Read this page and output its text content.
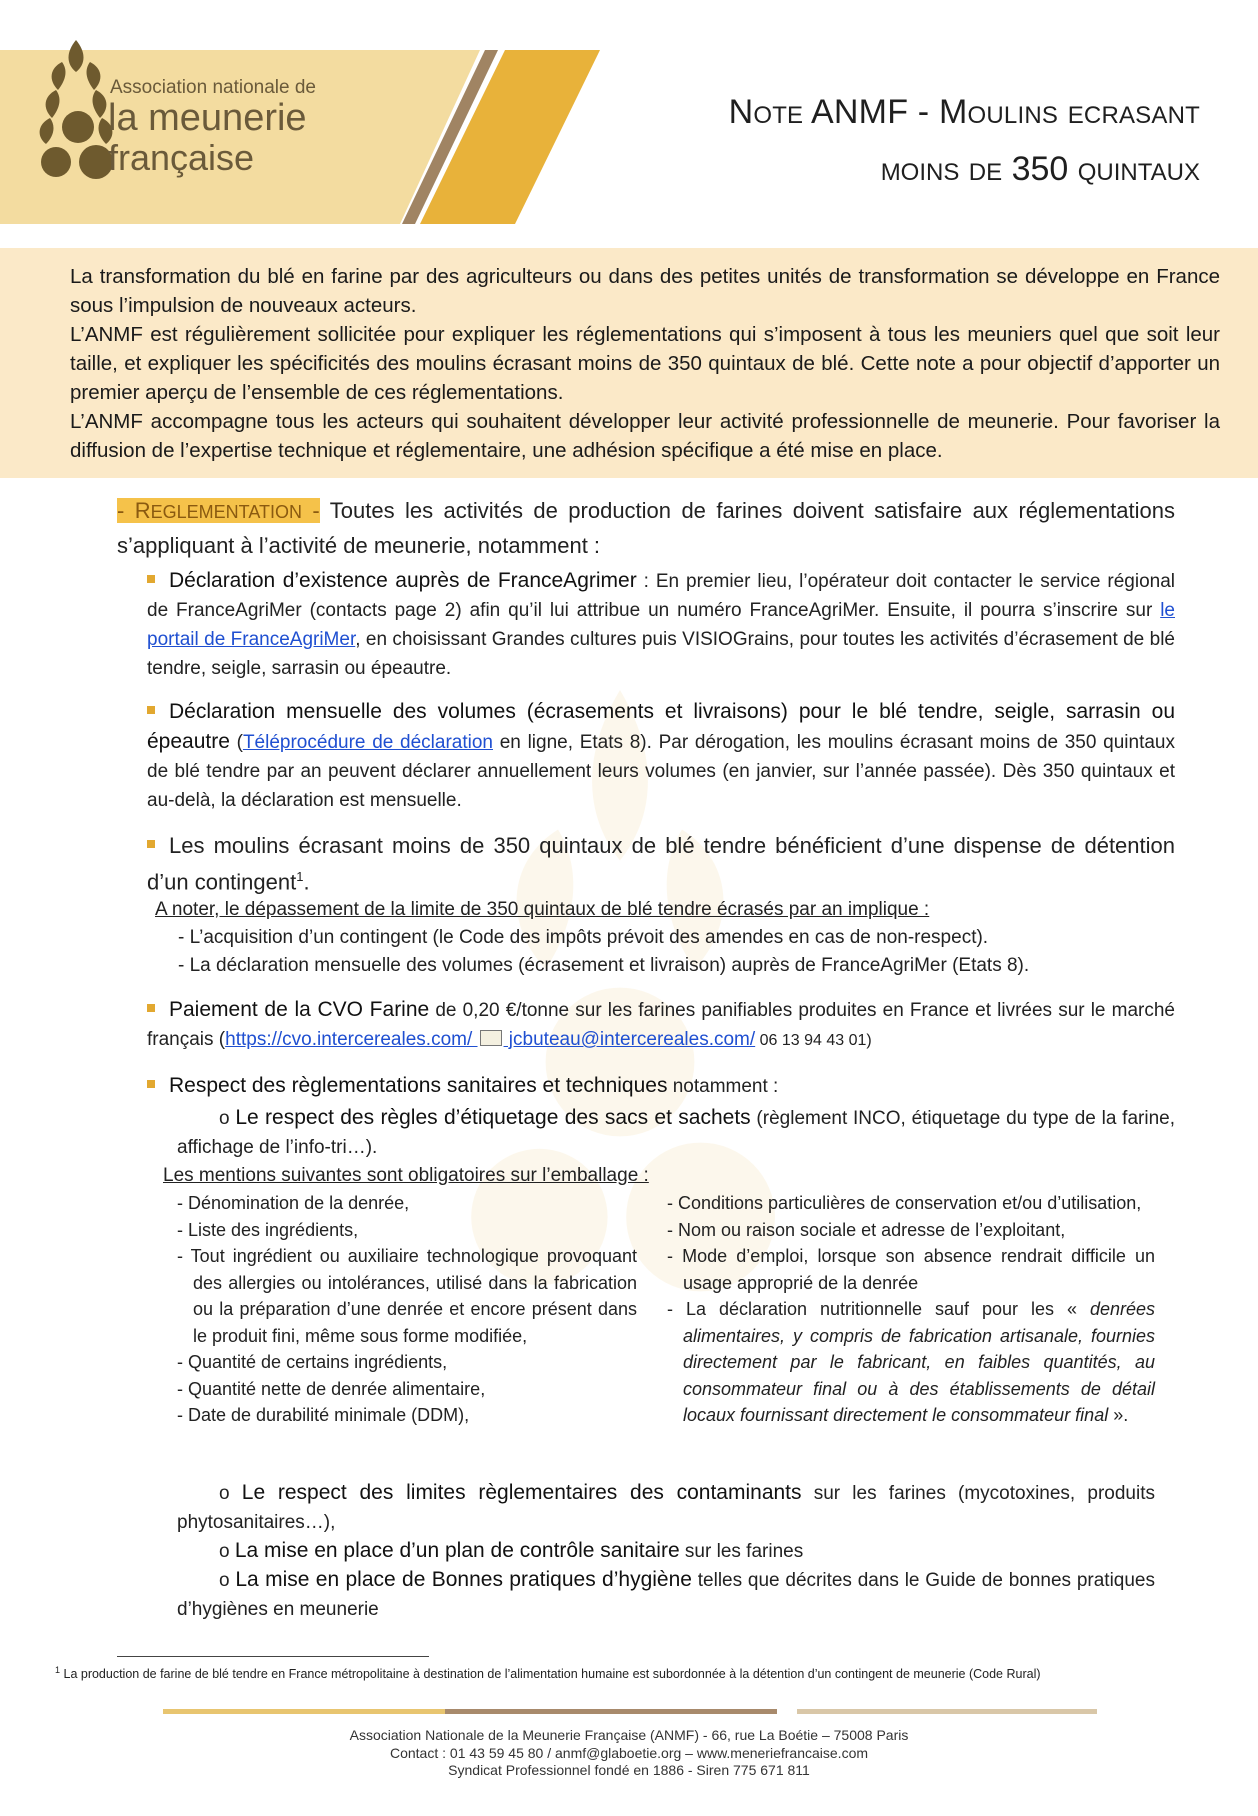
Association nationale de
la meunerie
française
Note ANMF - Moulins ecrasant
moins de 350 quintaux

La transformation du blé en farine par des agriculteurs ou dans des petites unités de transformation se développe en France sous l’impulsion de nouveaux acteurs.

L’ANMF est régulièrement sollicitée pour expliquer les réglementations qui s’imposent à tous les meuniers quel que soit leur taille, et expliquer les spécificités des moulins écrasant moins de 350 quintaux de blé. Cette note a pour objectif d’apporter un premier aperçu de l’ensemble de ces réglementations.

L’ANMF accompagne tous les acteurs qui souhaitent développer leur activité professionnelle de meunerie. Pour favoriser la diffusion de l’expertise technique et réglementaire, une adhésion spécifique a été mise en place.

- REGLEMENTATION - Toutes les activités de production de farines doivent satisfaire aux réglementations s’appliquant à l’activité de meunerie, notamment :
Déclaration d’existence auprès de FranceAgrimer : En premier lieu, l’opérateur doit contacter le service régional de FranceAgriMer (contacts page 2) afin qu’il lui attribue un numéro FranceAgriMer. Ensuite, il pourra s’inscrire sur le portail de FranceAgriMer, en choisissant Grandes cultures puis VISIOGrains, pour toutes les activités d’écrasement de blé tendre, seigle, sarrasin ou épeautre.
Déclaration mensuelle des volumes (écrasements et livraisons) pour le blé tendre, seigle, sarrasin ou épeautre (Téléprocédure de déclaration en ligne, Etats 8). Par dérogation, les moulins écrasant moins de 350 quintaux de blé tendre par an peuvent déclarer annuellement leurs volumes (en janvier, sur l’année passée). Dès 350 quintaux et au-delà, la déclaration est mensuelle.
Les moulins écrasant moins de 350 quintaux de blé tendre bénéficient d’une dispense de détention d’un contingent$^1$.
A noter, le dépassement de la limite de 350 quintaux de blé tendre écrasés par an implique :
- L’acquisition d’un contingent (le Code des impôts prévoit des amendes en cas de non-respect).
- La déclaration mensuelle des volumes (écrasement et livraison) auprès de FranceAgriMer (Etats 8).
Paiement de la CVO Farine de 0,20 €/tonne sur les farines panifiables produites en France et livrées sur le marché français (https://cvo.intercereales.com/  jcbuteau@intercereales.com/ 06 13 94 43 01)
Respect des règlementations sanitaires et techniques notamment :
o Le respect des règles d’étiquetage des sacs et sachets (règlement INCO, étiquetage du type de la farine, affichage de l’info-tri…).
Les mentions suivantes sont obligatoires sur l’emballage :
- Dénomination de la denrée,
- Liste des ingrédients,
- Tout ingrédient ou auxiliaire technologique provoquant des allergies ou intolérances, utilisé dans la fabrication ou la préparation d’une denrée et encore présent dans le produit fini, même sous forme modifiée,
- Quantité de certains ingrédients,
- Quantité nette de denrée alimentaire,
- Date de durabilité minimale (DDM),
- Conditions particulières de conservation et/ou d’utilisation,
- Nom ou raison sociale et adresse de l’exploitant,
- Mode d’emploi, lorsque son absence rendrait difficile un usage approprié de la denrée
- La déclaration nutritionnelle sauf pour les « denrées alimentaires, y compris de fabrication artisanale, fournies directement par le fabricant, en faibles quantités, au consommateur final ou à des établissements de détail locaux fournissant directement le consommateur final ».
o Le respect des limites règlementaires des contaminants sur les farines (mycotoxines, produits phytosanitaires…),
o La mise en place d’un plan de contrôle sanitaire sur les farines
o La mise en place de Bonnes pratiques d’hygiène telles que décrites dans le Guide de bonnes pratiques d’hygiènes en meunerie
$^1$ La production de farine de blé tendre en France métropolitaine à destination de l’alimentation humaine est subordonnée à la détention d’un contingent de meunerie (Code Rural)
Association Nationale de la Meunerie Française (ANMF) - 66, rue La Boétie – 75008 Paris
Contact : 01 43 59 45 80 / anmf@glaboetie.org – www.meneriefrancaise.com
Syndicat Professionnel fondé en 1886 - Siren 775 671 811
